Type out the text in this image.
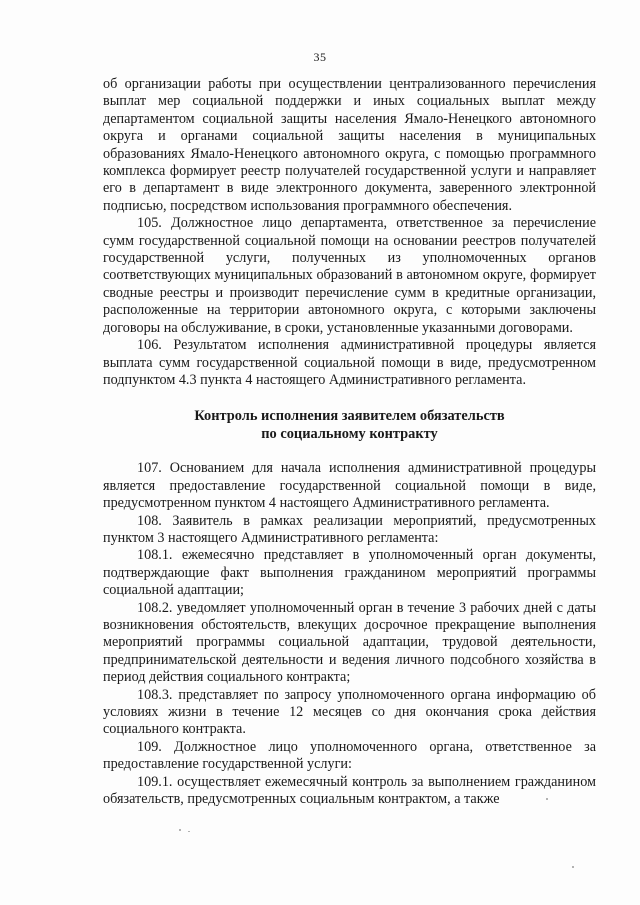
35

об организации работы при осуществлении централизованного перечисления выплат мер социальной поддержки и иных социальных выплат между департаментом социальной защиты населения Ямало-Ненецкого автономного округа и органами социальной защиты населения в муниципальных образованиях Ямало-Ненецкого автономного округа, с помощью программного комплекса формирует реестр получателей государственной услуги и направляет его в департамент в виде электронного документа, заверенного электронной подписью, посредством использования программного обеспечения.

105. Должностное лицо департамента, ответственное за перечисление сумм государственной социальной помощи на основании реестров получателей государственной услуги, полученных из уполномоченных органов соответствующих муниципальных образований в автономном округе, формирует сводные реестры и производит перечисление сумм в кредитные организации, расположенные на территории автономного округа, с которыми заключены договоры на обслуживание, в сроки, установленные указанными договорами.

106. Результатом исполнения административной процедуры является выплата сумм государственной социальной помощи в виде, предусмотренном подпунктом 4.3 пункта 4 настоящего Административного регламента.

Контроль исполнения заявителем обязательств
по социальному контракту

107. Основанием для начала исполнения административной процедуры является предоставление государственной социальной помощи в виде, предусмотренном пунктом 4 настоящего Административного регламента.

108. Заявитель в рамках реализации мероприятий, предусмотренных пунктом 3 настоящего Административного регламента:

108.1. ежемесячно представляет в уполномоченный орган документы, подтверждающие факт выполнения гражданином мероприятий программы социальной адаптации;

108.2. уведомляет уполномоченный орган в течение 3 рабочих дней с даты возникновения обстоятельств, влекущих досрочное прекращение выполнения мероприятий программы социальной адаптации, трудовой деятельности, предпринимательской деятельности и ведения личного подсобного хозяйства в период действия социального контракта;

108.3. представляет по запросу уполномоченного органа информацию об условиях жизни в течение 12 месяцев со дня окончания срока действия социального контракта.

109. Должностное лицо уполномоченного органа, ответственное за предоставление государственной услуги:

109.1. осуществляет ежемесячный контроль за выполнением гражданином обязательств, предусмотренных социальным контрактом, а также
